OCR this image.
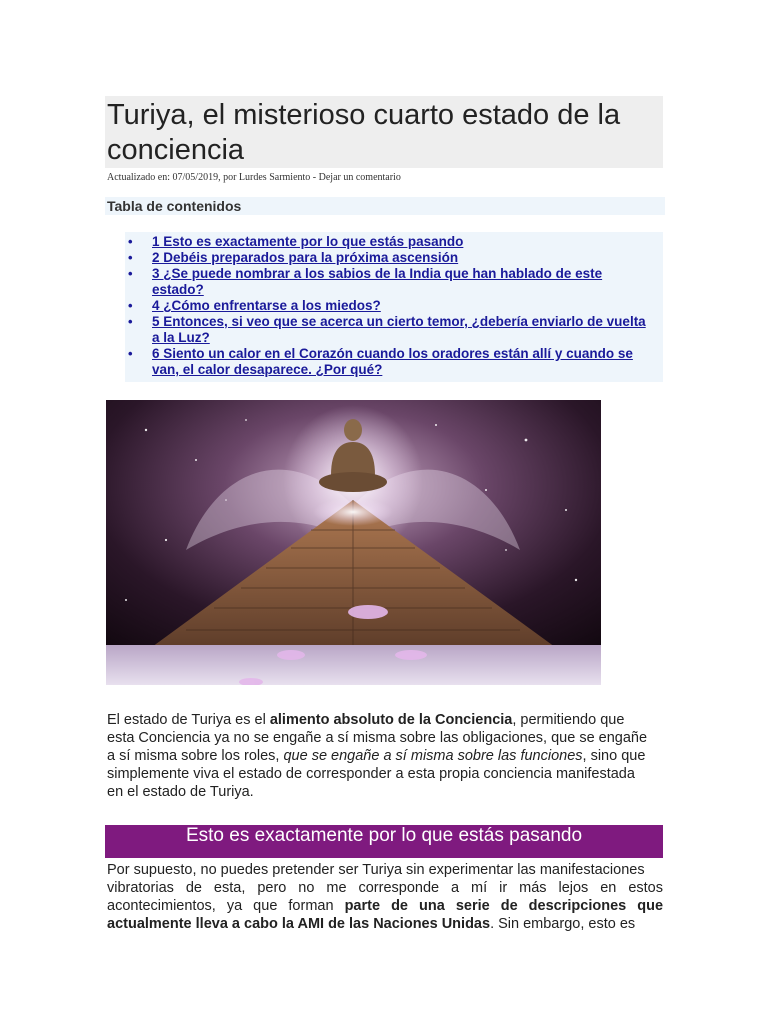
Turiya, el misterioso cuarto estado de la conciencia
Actualizado en: 07/05/2019, por Lurdes Sarmiento - Dejar un comentario
Tabla de contenidos
• 1 Esto es exactamente por lo que estás pasando
• 2 Debéis preparados para la próxima ascensión
• 3 ¿Se puede nombrar a los sabios de la India que han hablado de este
estado?
• 4 ¿Cómo enfrentarse a los miedos?
• 5 Entonces, si veo que se acerca un cierto temor, ¿debería enviarlo de vuelta
a la Luz?
• 6 Siento un calor en el Corazón cuando los oradores están allí y cuando se
van, el calor desaparece. ¿Por qué?

El estado de Turiya es el alimento absoluto de la Conciencia, permitiendo que
esta Conciencia ya no se engañe a sí misma sobre las obligaciones, que se engañe
a sí misma sobre los roles, que se engañe a sí misma sobre las funciones, sino que
simplemente viva el estado de corresponder a esta propia conciencia manifestada
en el estado de Turiya.

Esto es exactamente por lo que estás pasando

Por supuesto, no puedes pretender ser Turiya sin experimentar las manifestaciones
vibratorias de esta, pero no me corresponde a mí ir más lejos en estos
acontecimientos, ya que forman parte de una serie de descripciones que
actualmente lleva a cabo la AMI de las Naciones Unidas. Sin embargo, esto es
